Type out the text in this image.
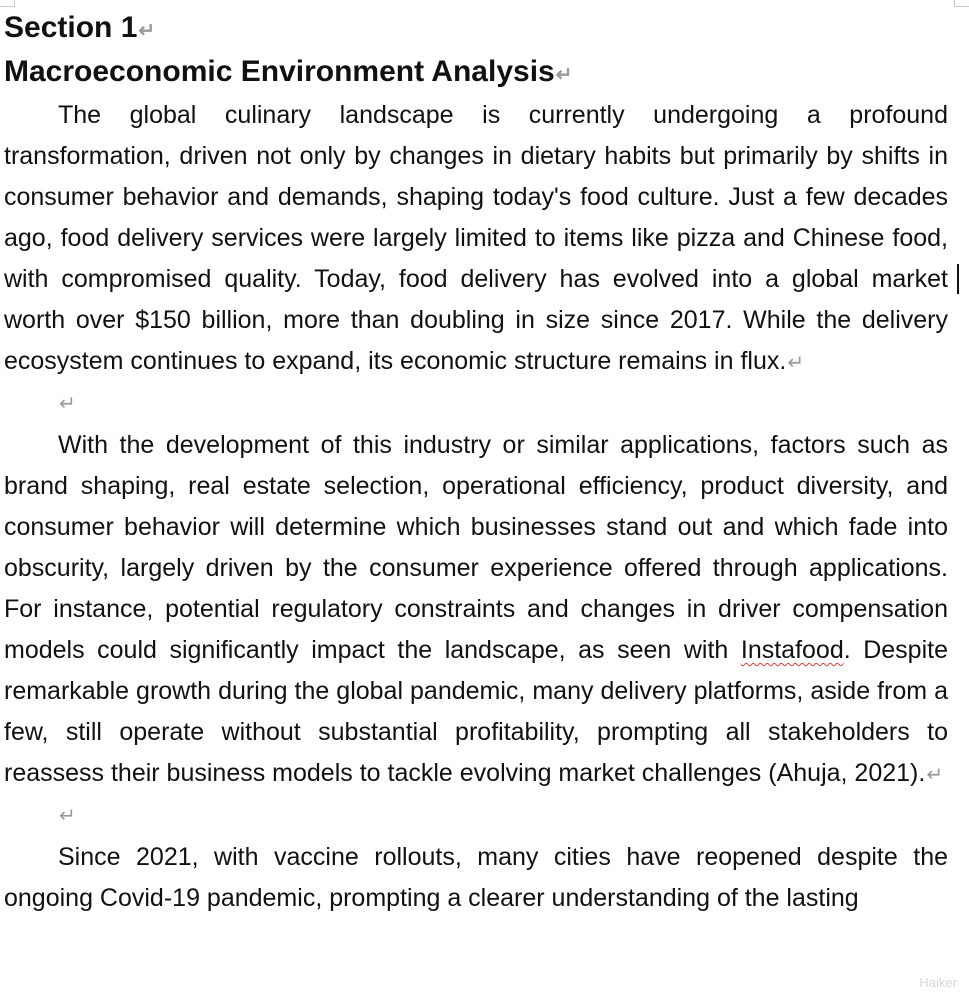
Section 1↵
Macroeconomic Environment Analysis↵

The global culinary landscape is currently undergoing a profound transformation, driven not only by changes in dietary habits but primarily by shifts in consumer behavior and demands, shaping today's food culture. Just a few decades ago, food delivery services were largely limited to items like pizza and Chinese food, with compromised quality. Today, food delivery has evolved into a global market worth over $150 billion, more than doubling in size since 2017. While the delivery ecosystem continues to expand, its economic structure remains in flux.↵

↵

With the development of this industry or similar applications, factors such as brand shaping, real estate selection, operational efficiency, product diversity, and consumer behavior will determine which businesses stand out and which fade into obscurity, largely driven by the consumer experience offered through applications. For instance, potential regulatory constraints and changes in driver compensation models could significantly impact the landscape, as seen with Instafood. Despite remarkable growth during the global pandemic, many delivery platforms, aside from a few, still operate without substantial profitability, prompting all stakeholders to reassess their business models to tackle evolving market challenges (Ahuja, 2021).↵

↵

Since 2021, with vaccine rollouts, many cities have reopened despite the ongoing Covid-19 pandemic, prompting a clearer understanding of the lasting

Haiker
